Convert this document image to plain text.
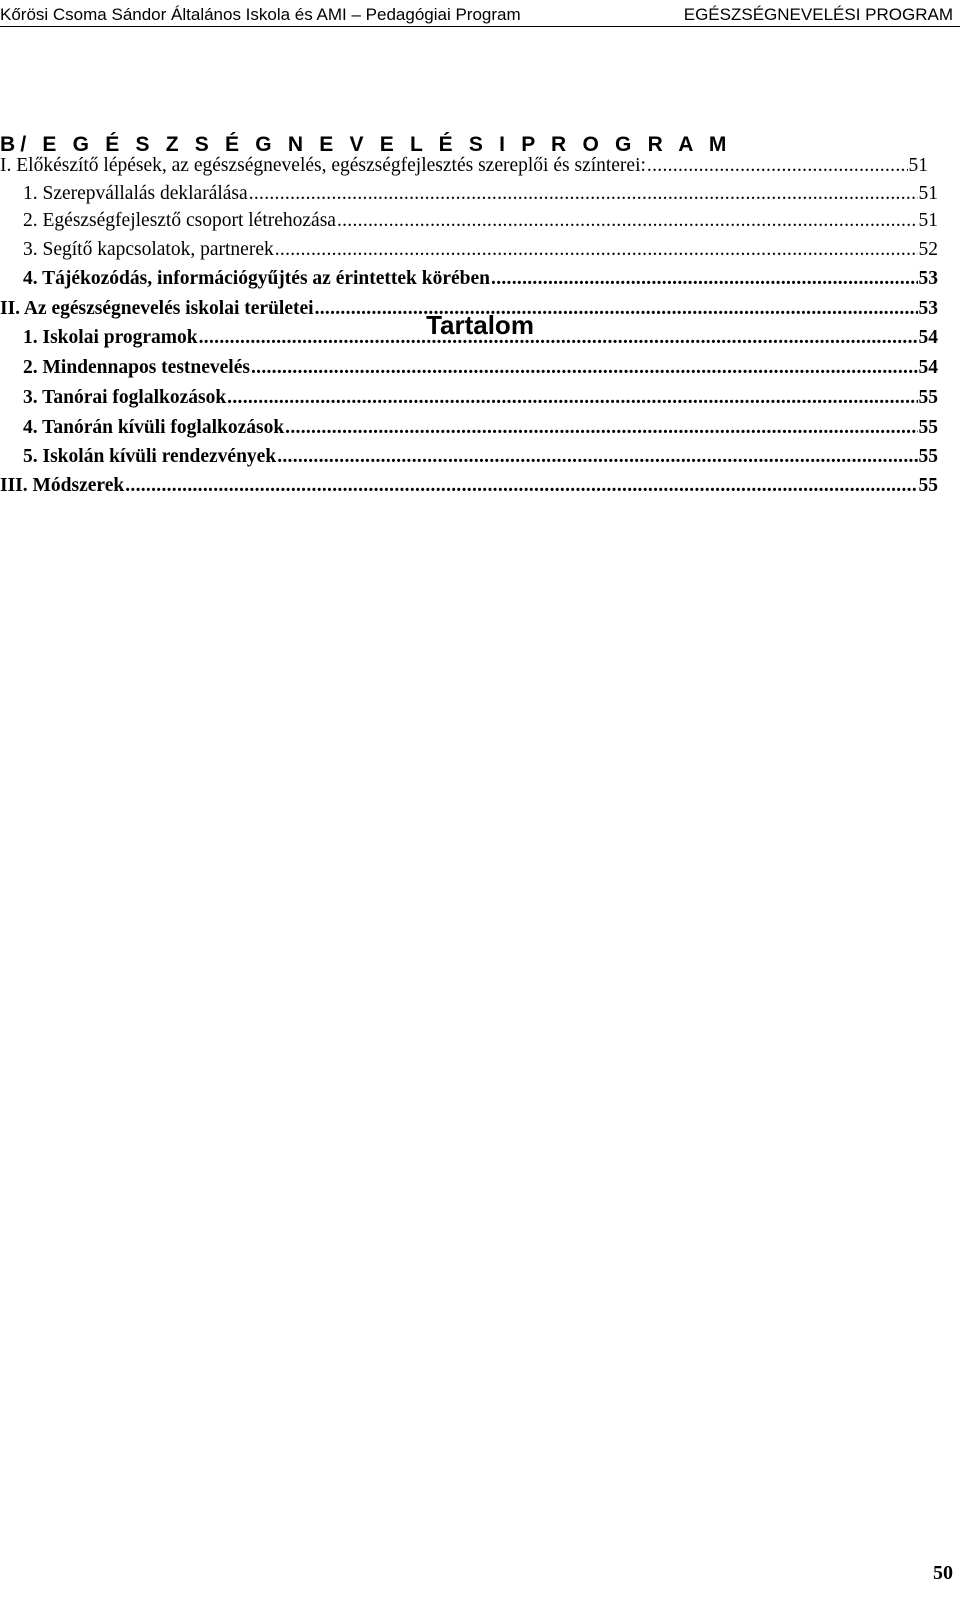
Kőrösi Csoma Sándor Általános Iskola és AMI – Pedagógiai Program	EGÉSZSÉGNEVELÉSI PROGRAM
B/ E G É S Z S É G N E V E L É S I P R O G R A M
Tartalom
I. Előkészítő lépések, az egészségnevelés, egészségfejlesztés szereplői és színterei: .....	51
1. Szerepvállalás deklarálása .....	51
2. Egészségfejlesztő csoport létrehozása .....	51
3. Segítő kapcsolatok, partnerek .....	52
4. Tájékozódás, információgyűjtés az érintettek körében .....	53
II. Az egészségnevelés iskolai területei .....	53
1. Iskolai programok .....	54
2. Mindennapos testnevelés .....	54
3. Tanórai foglalkozások .....	55
4. Tanórán kívüli foglalkozások .....	55
5. Iskolán kívüli rendezvények .....	55
III. Módszerek .....	55
50
